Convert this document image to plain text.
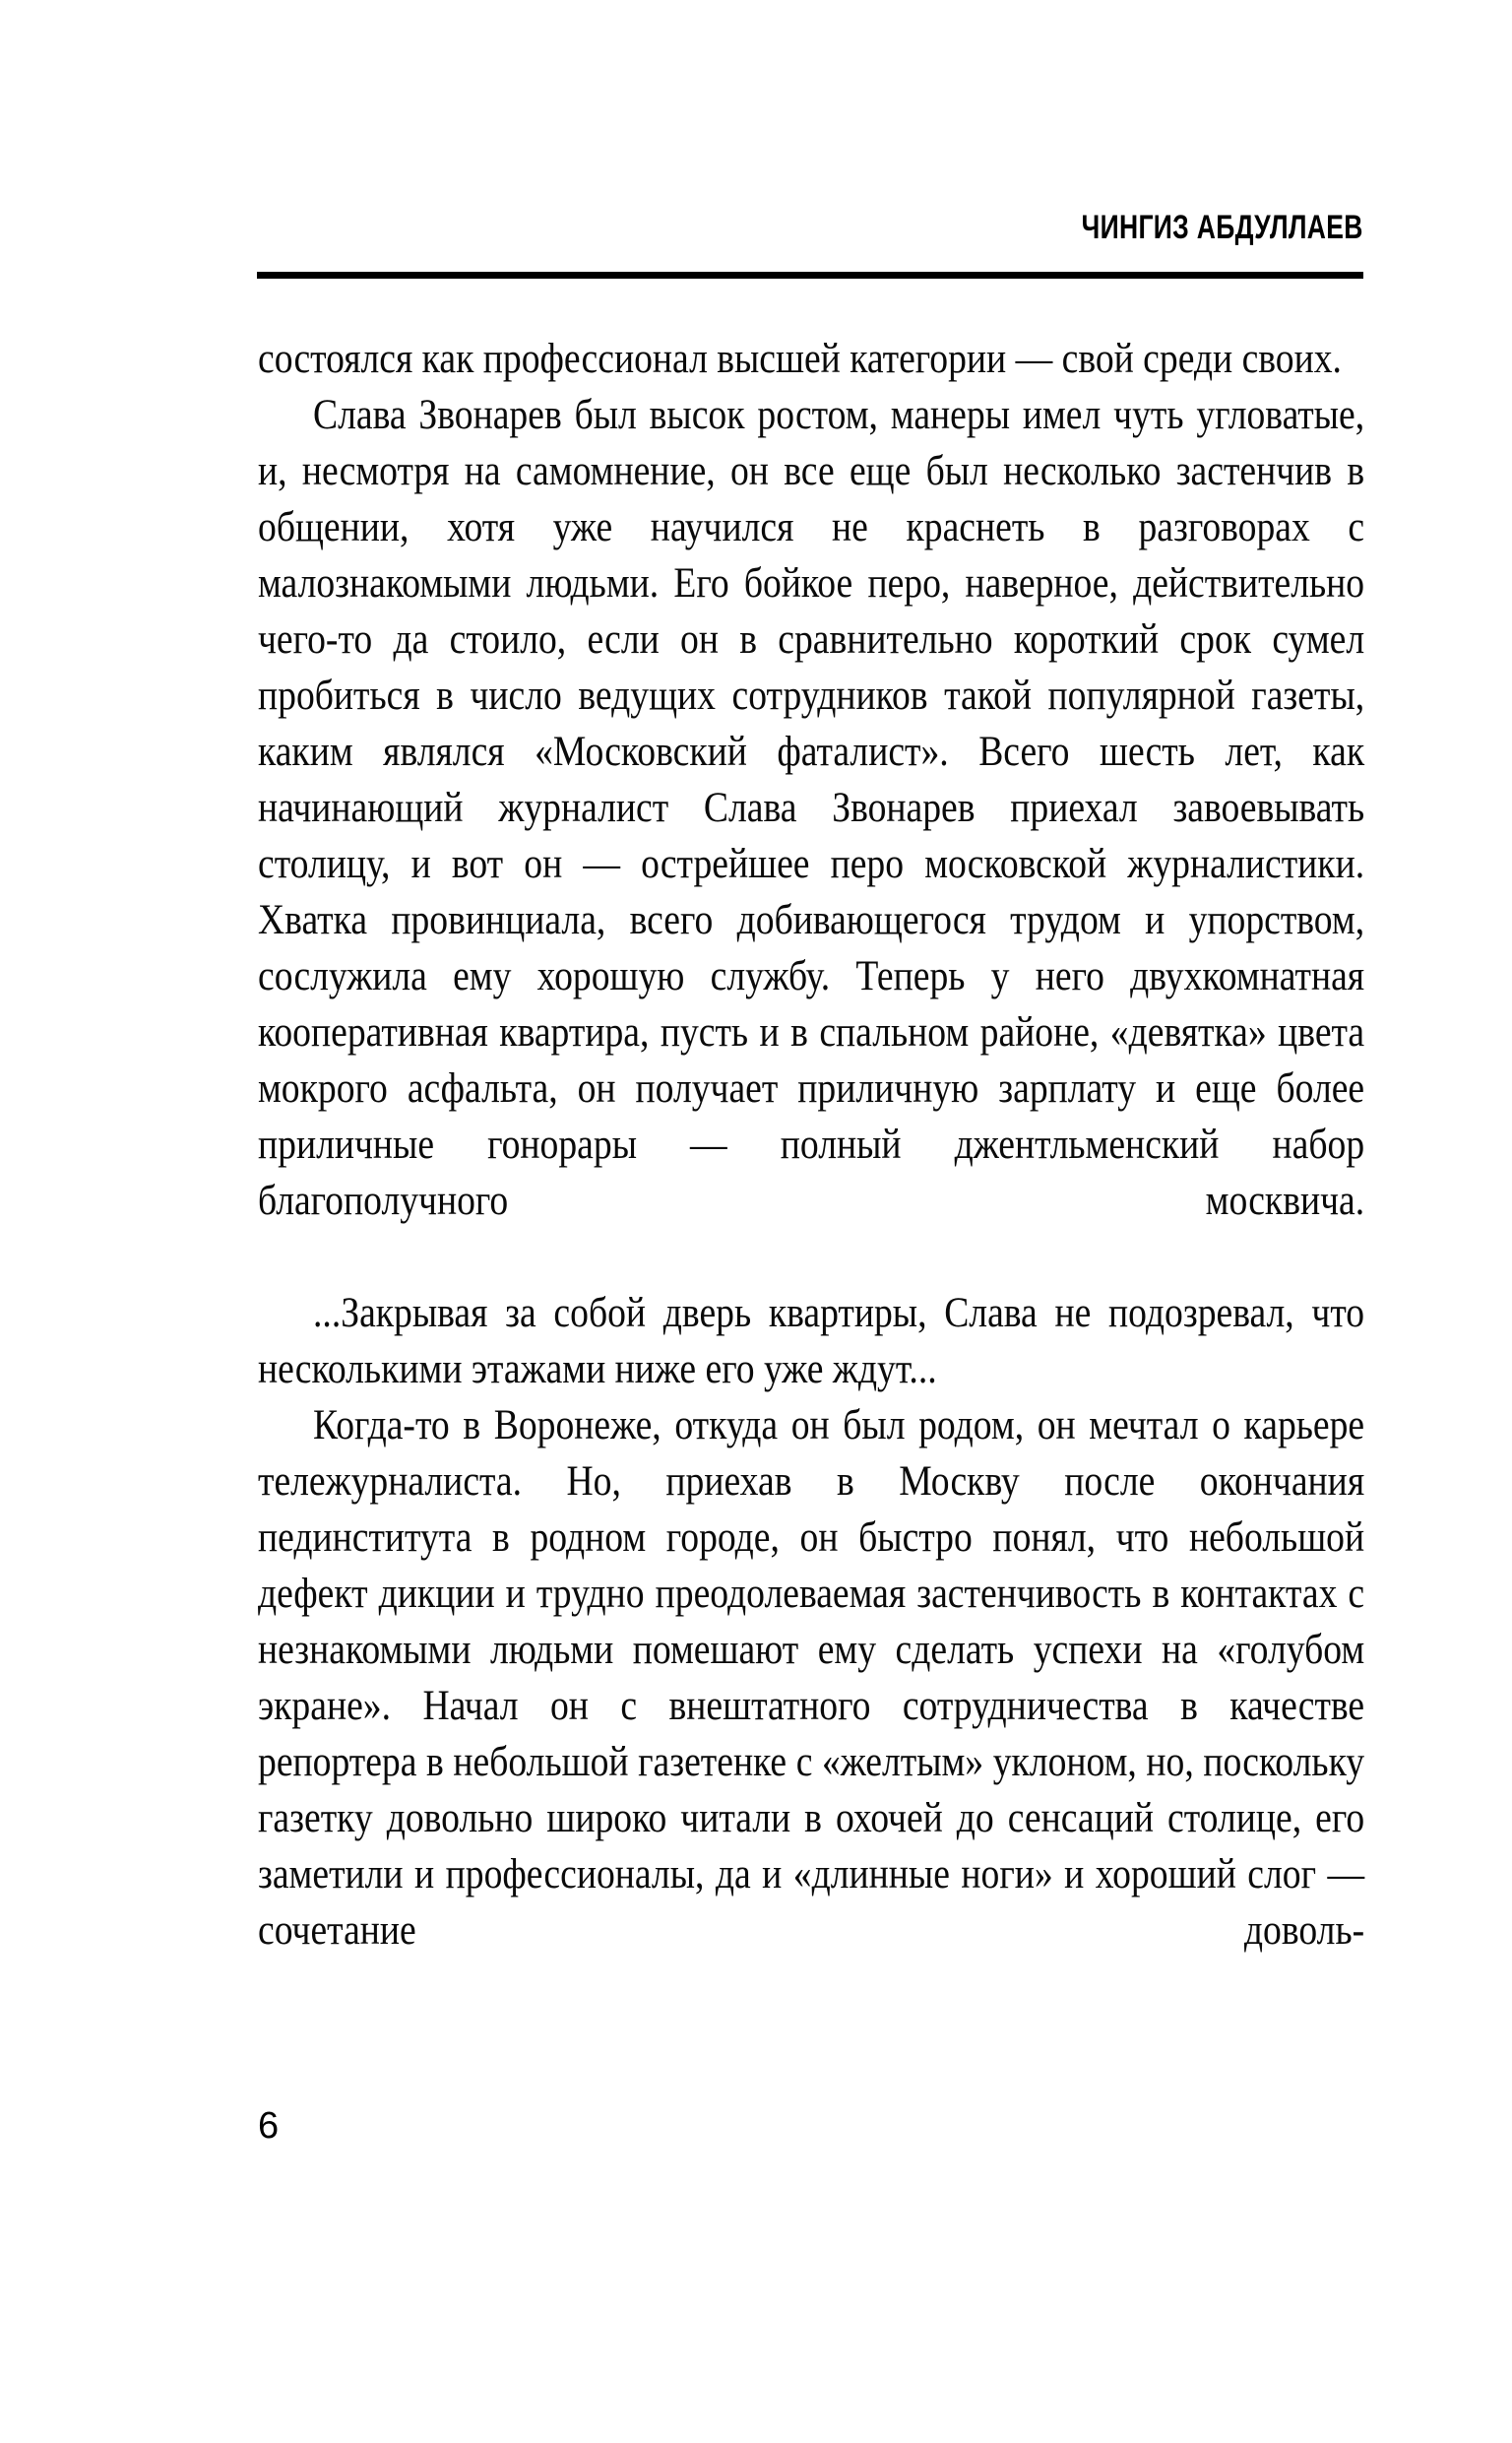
ЧИНГИЗ АБДУЛЛАЕВ

состоялся как профессионал высшей категории — свой среди своих.

Слава Звонарев был высок ростом, манеры имел чуть угловатые, и, несмотря на самомнение, он все еще был несколько застенчив в общении, хотя уже научился не краснеть в разговорах с малознакомыми людьми. Его бойкое перо, наверное, действительно чего-то да стоило, если он в сравнительно короткий срок сумел пробиться в число ведущих сотрудников такой популярной газеты, каким являлся «Московский фаталист». Всего шесть лет, как начинающий журналист Слава Звонарев приехал завоевывать столицу, и вот он — острейшее перо московской журналистики. Хватка провинциала, всего добивающегося трудом и упорством, сослужила ему хорошую службу. Теперь у него двухкомнатная кооперативная квартира, пусть и в спальном районе, «девятка» цвета мокрого асфальта, он получает приличную зарплату и еще более приличные гонорары — полный джентльменский набор благополучного москвича.

...Закрывая за собой дверь квартиры, Слава не подозревал, что несколькими этажами ниже его уже ждут...

Когда-то в Воронеже, откуда он был родом, он мечтал о карьере тележурналиста. Но, приехав в Москву после окончания пединститута в родном городе, он быстро понял, что небольшой дефект дикции и трудно преодолеваемая застенчивость в контактах с незнакомыми людьми помешают ему сделать успехи на «голубом экране». Начал он с внештатного сотрудничества в качестве репортера в небольшой газетенке с «желтым» уклоном, но, поскольку газетку довольно широко читали в охочей до сенсаций столице, его заметили и профессионалы, да и «длинные ноги» и хороший слог — сочетание доволь-

6
